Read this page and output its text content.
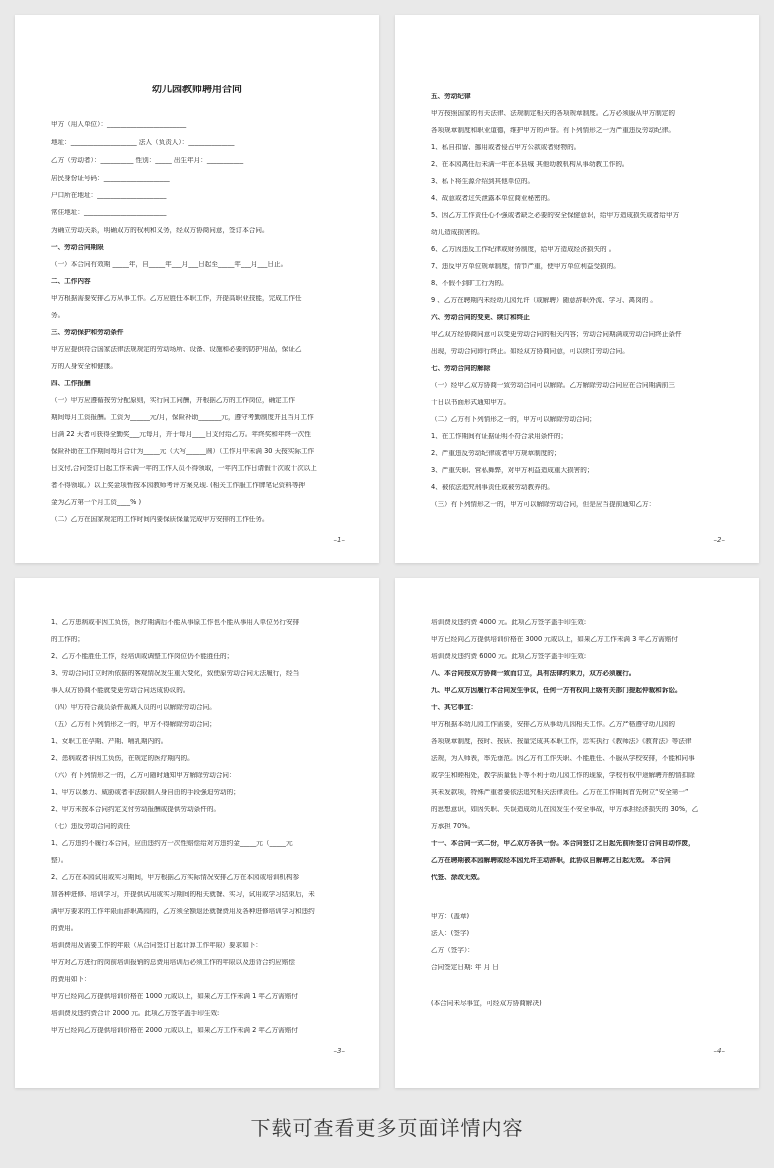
幼儿园教师聘用合同
甲方（用人单位）：________________________
地址：____________________ 法人（负责人）：______________
乙方（劳动者）：__________ 性别：_____ 出生年月：___________
居民身份证号码：____________________
户口所在地址：_____________________
常住地址：_________________________
为确立劳动关系，明确双方的权利和义务，经双方协商同意，签订本合同。
一、劳动合同期限
（一）本合同有效期 _____年，自_____年___月___日起至_____年___月___日止。
二、工作内容
甲方根据需要安排乙方从事工作。乙方应胜任本职工作，并提高职业技能，完成工作任
务。
三、劳动保护和劳动条件
甲方应提供符合国家法律法规规定的劳动场所、设备、设施和必要的防护用品，保证乙
方的人身安全和健康。
四、工作报酬
（一）甲方应遵循按劳分配原则，实行同工同酬，并根据乙方的工作岗位，确定工作
期间每月工资报酬。工资为______元/月，保险补助_______元，遵守考勤制度并且当月工作
日满 22 天者可获得全勤奖___元每月，并于每月____日支付给乙方。年终奖和年终一次性
保险补助在工作期间每月合计为_____元（大写______圆）（工作月中未满 30 天按实际工作
日支付,合同签订日起工作未满一年的工作人员不得领取，一年内工作日请假十次或十次以上
者不得领取。）以上奖金项暂按本园教师考评方案兑现. (相关工作服工作牌笔记资料等押
金为乙方第一个月工资____% )
（二）乙方在国家规定的工作时间内要保质保量完成甲方安排的工作任务。
–1–
五、劳动纪律
甲方按照国家的有关法律、法规制定相关的各项规章制度。乙方必须服从甲方制定的
各项规章制度和职业道德，维护甲方的声誉。有下列情形之一为严重违反劳动纪律。
1、私自扣留、挪用或者侵占甲方公款或者财物的。
2、在本园离任后未满一年在本县城 其他幼教机构从事幼教工作的。
3、私下将生源介绍到其他单位的。
4、故意或者过失泄露本单位商业秘密的。
5、因乙方工作责任心不强或者缺乏必要的安全保健意识，给甲方造成损失或者给甲方
幼儿造成损害的。
6、乙方因违反工作纪律或财务制度，给甲方造成经济损失的 。
7、违反甲方单位规章制度，情节严重，使甲方单位利益受损的。
8、不假不到旷工行为的。
9 、乙方在聘期内未经幼儿园允许（或解聘）随意辞职外流、学习、离岗的 。
六、劳动合同的变更、续订和终止
甲乙双方经协商同意可以变更劳动合同的相关内容；劳动合同期满或劳动合同终止条件
出现，劳动合同即行终止。如经双方协商同意，可以续订劳动合同。
七、劳动合同的解除
（一）经甲乙双方协商一致劳动合同可以解除。乙方解除劳动合同应在合同期满前三
十日以书面形式通知甲方。
（二）乙方有下列情形之一的，甲方可以解除劳动合同；
1、在工作期间有证据证明不符合录用条件的；
2、严重违反劳动纪律或者甲方规章制度的；
3、严重失职、营私舞弊，对甲方利益造成重大损害的；
4、被依法追究刑事责任或被劳动教养的。
（三）有下列情形之一的，甲方可以解除劳动合同，但是应当提前通知乙方：
–2–
1、乙方患病或非因工负伤，医疗期满后不能从事原工作也不能从事用人单位另行安排
的工作的；
2、乙方不能胜任工作，经培训或调整工作岗位仍不能胜任的；
3、劳动合同订立时所依据的客观情况发生重大变化，致使原劳动合同无法履行，经当
事人双方协商不能就变更劳动合同达成协议的。
（四）甲方符合裁员条件裁减人员的可以解除劳动合同。
（五）乙方有下列情形之一的，甲方不得解除劳动合同；
1、女职工在孕期、产期、哺乳期内的。
2、患病或者非因工负伤，在规定的医疗期内的。
（六）有下列情形之一的，乙方可随时通知甲方解除劳动合同：
1、甲方以暴力、威胁或者非法限制人身自由的手段强迫劳动的；
2、甲方未按本合同约定支付劳动报酬或提供劳动条件的。
（七）违反劳动合同的责任
1、乙方违约不履行本合同，应由违约方一次性赔偿给对方违约金_____元（_____元
整）。
2、乙方在本园试用或实习期间，甲方根据乙方实际情况安排乙方在本园或培训机构参
加各种进修、培训学习，并提供试用或实习期间的相关就餐、实习，试用或学习结束后，未
满甲方要求的工作年限而辞职离园的，乙方须全额退还就餐费用及各种进修培训学习和违约
的费用。
培训费用及需要工作的年限（从合同签订日起计算工作年限）要求如下：
甲方对乙方进行的岗前培训报销的总费用培训后必须工作的年限以及违背合约应赔偿
的费用如下：
甲方已经向乙方提供培训价格在 1000 元或以上，如果乙方工作未满 1 年乙方需赔付
培训费及违约费合计 2000 元。此项乙方签字盖手印生效:
甲方已经向乙方提供培训价格在 2000 元或以上，如果乙方工作未满 2 年乙方需赔付
–3–
培训费及违约费 4000 元。此项乙方签字盖手印生效:
甲方已经向乙方提供培训价格在 3000 元或以上，如果乙方工作未满 3 年乙方需赔付
培训费及违约费 6000 元。此项乙方签字盖手印生效:
八、本合同按双方协商一致而订立，具有法律约束力，双方必须履行。
九、甲乙双方因履行本合同发生争议，任何一方有权向上级有关部门提起仲裁和诉讼。
十、其它事宜：
甲方根据本幼儿园工作需要，安排乙方从事幼儿园相关工作。乙方严格遵守幼儿园的
各项规章制度，按时、按质、按量完成其本职工作，忠实执行《教师法》《教育法》等法律
法规，为人师表，率先垂范。因乙方有工作失职、不能胜任、不服从学校安排，不能和同事
或学生和睦相处，教学质量低下等不利于幼儿园工作的现象，学校有权中途解聘并酌情扣除
其未发款项，特殊严重者要依法追究相关法律责任。乙方在工作期间首先树立“安全第一”
的思想意识，如因失职、失误造成幼儿在园发生不安全事故，甲方承担经济损失的 30%，乙
方承担 70%。
十一、本合同一式二份，甲乙双方各执一份。本合同签订之日起先前所签订合同自动作废，
乙方在聘期被本园解聘或经本园允许主动辞职，此协议自解聘之日起无效。 本合同
代签、涂改无效。
甲方：(盖章)
法人：(签字)
乙方（签字）：
合同签定日期: 年 月 日
(本合同未尽事宜，可经双方协商解决)
–4–
下载可查看更多页面详情内容
